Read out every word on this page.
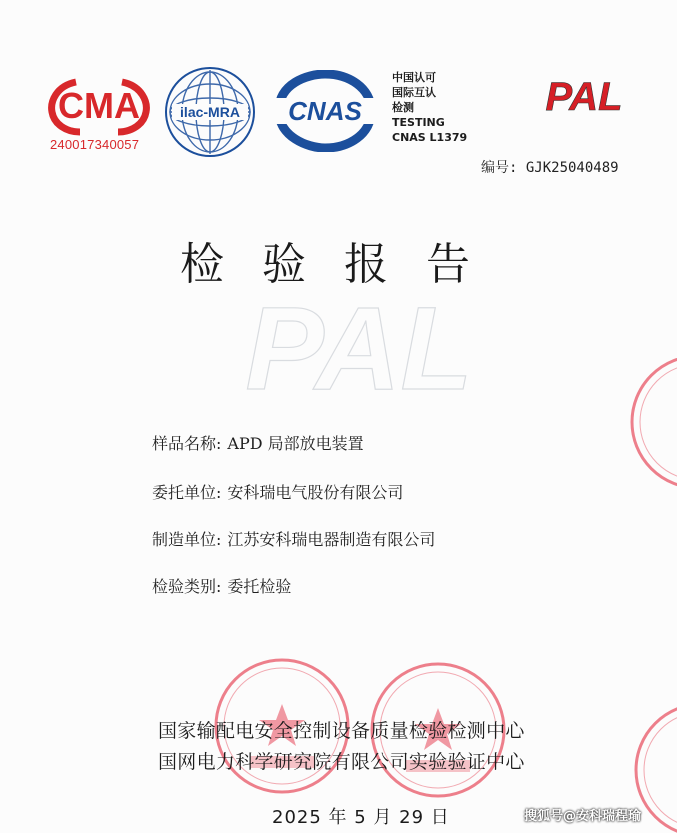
CMA
240017340057
ilac-MRA CNAS
中国认可
国际互认
检测
TESTING
CNAS L1379
PAL
编号: GJK25040489
检验报告
PAL
样品名称: APD 局部放电装置
委托单位: 安科瑞电气股份有限公司
制造单位: 江苏安科瑞电器制造有限公司
检验类别: 委托检验
国家输配电安全控制设备质量检验检测中心
国网电力科学研究院有限公司实验验证中心
2025 年 5 月 29 日	搜狐号@安科瑞程瑜
